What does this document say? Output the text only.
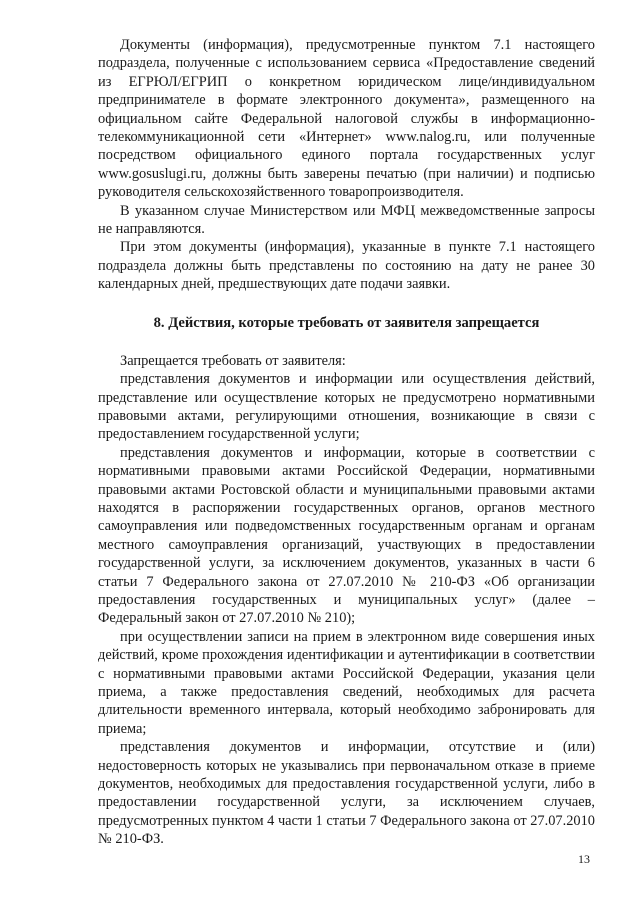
Документы (информация), предусмотренные пунктом 7.1 настоящего подраздела, полученные с использованием сервиса «Предоставление сведений из ЕГРЮЛ/ЕГРИП о конкретном юридическом лице/индивидуальном предпринимателе в формате электронного документа», размещенного на официальном сайте Федеральной налоговой службы в информационно-телекоммуникационной сети «Интернет» www.nalog.ru, или полученные посредством официального единого портала государственных услуг www.gosuslugi.ru, должны быть заверены печатью (при наличии) и подписью руководителя сельскохозяйственного товаропроизводителя.

В указанном случае Министерством или МФЦ межведомственные запросы не направляются.

При этом документы (информация), указанные в пункте 7.1 настоящего подраздела должны быть представлены по состоянию на дату не ранее 30 календарных дней, предшествующих дате подачи заявки.

8. Действия, которые требовать от заявителя запрещается

Запрещается требовать от заявителя:

представления документов и информации или осуществления действий, представление или осуществление которых не предусмотрено нормативными правовыми актами, регулирующими отношения, возникающие в связи с предоставлением государственной услуги;

представления документов и информации, которые в соответствии с нормативными правовыми актами Российской Федерации, нормативными правовыми актами Ростовской области и муниципальными правовыми актами находятся в распоряжении государственных органов, органов местного самоуправления или подведомственных государственным органам и органам местного самоуправления организаций, участвующих в предоставлении государственной услуги, за исключением документов, указанных в части 6 статьи 7 Федерального закона от 27.07.2010 № 210-ФЗ «Об организации предоставления государственных и муниципальных услуг» (далее – Федеральный закон от 27.07.2010 № 210);

при осуществлении записи на прием в электронном виде совершения иных действий, кроме прохождения идентификации и аутентификации в соответствии с нормативными правовыми актами Российской Федерации, указания цели приема, а также предоставления сведений, необходимых для расчета длительности временного интервала, который необходимо забронировать для приема;

представления документов и информации, отсутствие и (или) недостоверность которых не указывались при первоначальном отказе в приеме документов, необходимых для предоставления государственной услуги, либо в предоставлении государственной услуги, за исключением случаев, предусмотренных пунктом 4 части 1 статьи 7 Федерального закона от 27.07.2010 № 210-ФЗ.

13
